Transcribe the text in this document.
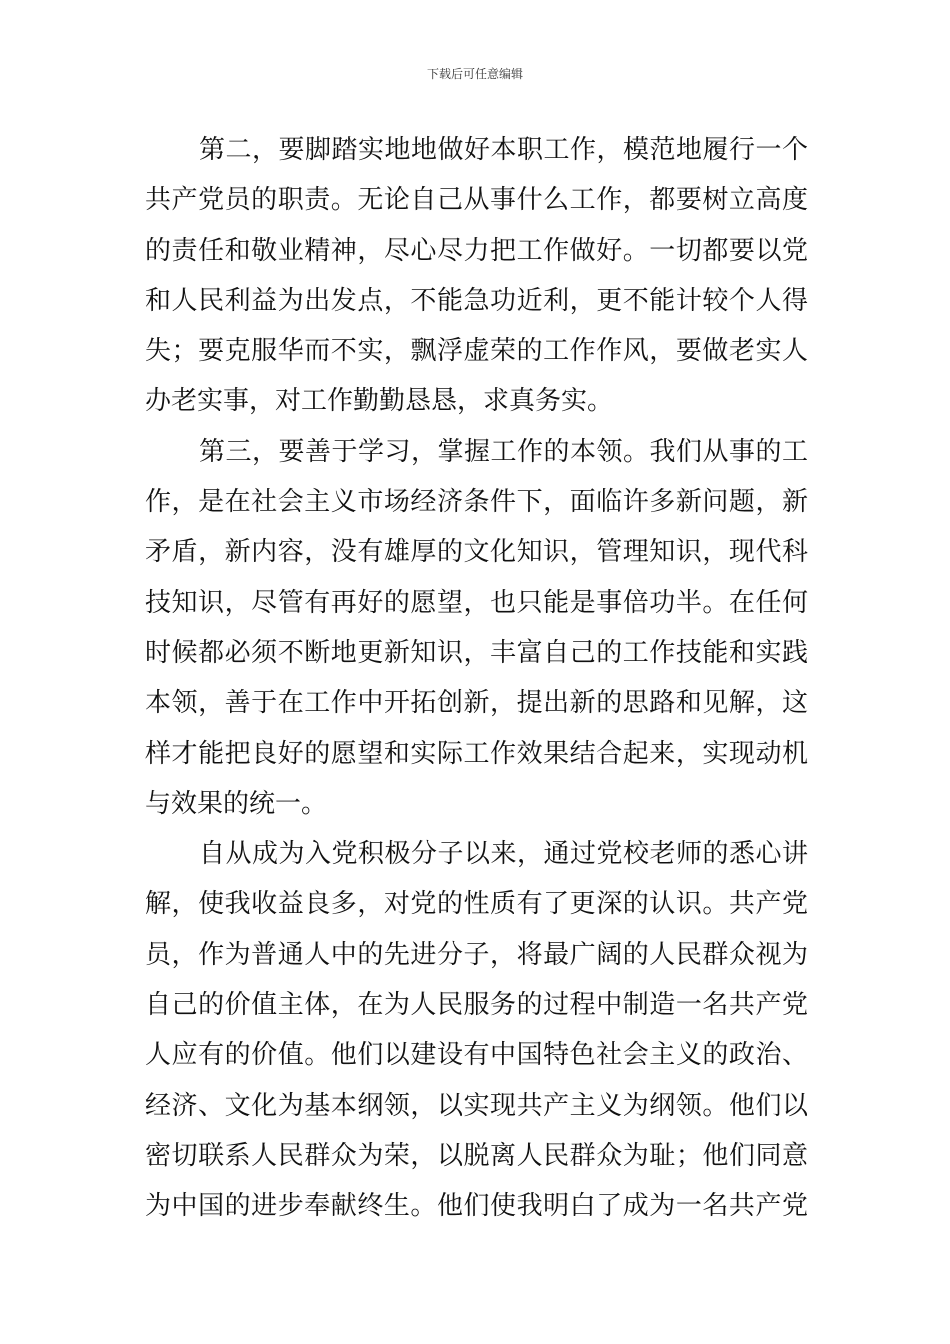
下载后可任意编辑
第二，要脚踏实地地做好本职工作，模范地履行一个
共产党员的职责。无论自己从事什么工作，都要树立高度
的责任和敬业精神，尽心尽力把工作做好。一切都要以党
和人民利益为出发点，不能急功近利，更不能计较个人得
失；要克服华而不实，飘浮虚荣的工作作风，要做老实人
办老实事，对工作勤勤恳恳，求真务实。
第三，要善于学习，掌握工作的本领。我们从事的工
作，是在社会主义市场经济条件下，面临许多新问题，新
矛盾，新内容，没有雄厚的文化知识，管理知识，现代科
技知识，尽管有再好的愿望，也只能是事倍功半。在任何
时候都必须不断地更新知识，丰富自己的工作技能和实践
本领，善于在工作中开拓创新，提出新的思路和见解，这
样才能把良好的愿望和实际工作效果结合起来，实现动机
与效果的统一。
自从成为入党积极分子以来，通过党校老师的悉心讲
解，使我收益良多，对党的性质有了更深的认识。共产党
员，作为普通人中的先进分子，将最广阔的人民群众视为
自己的价值主体，在为人民服务的过程中制造一名共产党
人应有的价值。他们以建设有中国特色社会主义的政治、
经济、文化为基本纲领，以实现共产主义为纲领。他们以
密切联系人民群众为荣，以脱离人民群众为耻；他们同意
为中国的进步奉献终生。他们使我明白了成为一名共产党
